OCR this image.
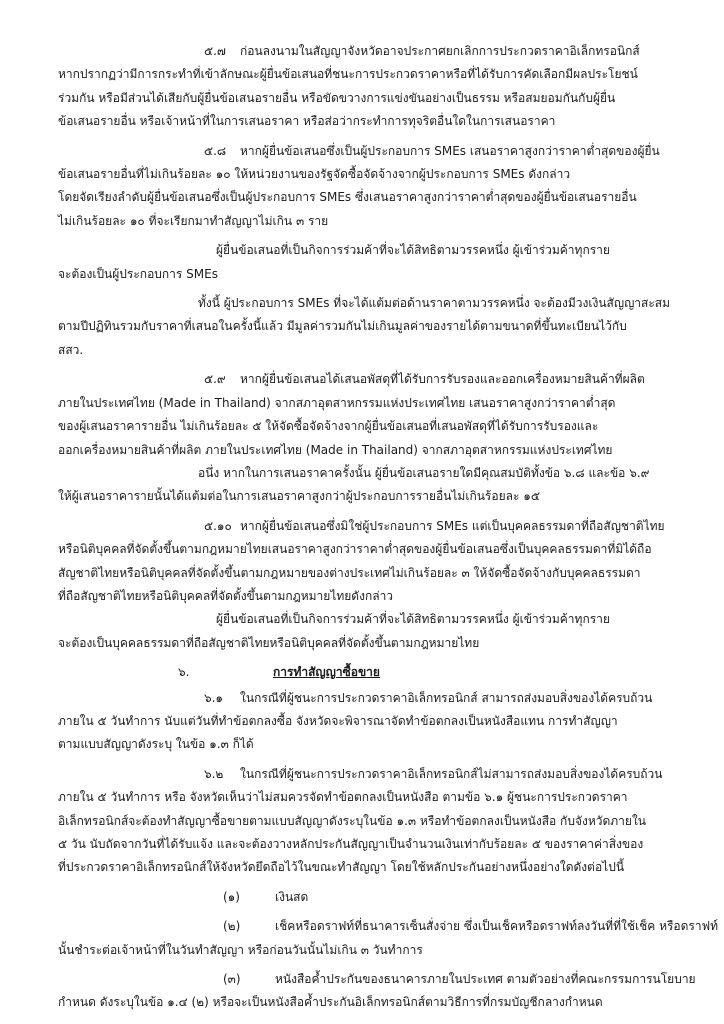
๕.๗ ก่อนลงนามในสัญญาจังหวัดอาจประกาศยกเลิกการประกวดราคาอิเล็กทรอนิกส์
หากปรากฏว่ามีการกระทำที่เข้าลักษณะผู้ยื่นข้อเสนอที่ชนะการประกวดราคาหรือที่ได้รับการคัดเลือกมีผลประโยชน์
ร่วมกัน หรือมีส่วนได้เสียกับผู้ยื่นข้อเสนอรายอื่น หรือขัดขวางการแข่งขันอย่างเป็นธรรม หรือสมยอมกันกับผู้ยื่น
ข้อเสนอรายอื่น หรือเจ้าหน้าที่ในการเสนอราคา หรือส่อว่ากระทำการทุจริตอื่นใดในการเสนอราคา
๕.๘ หากผู้ยื่นข้อเสนอซึ่งเป็นผู้ประกอบการ SMEs เสนอราคาสูงกว่าราคาต่ำสุดของผู้ยื่น
ข้อเสนอรายอื่นที่ไม่เกินร้อยละ ๑๐ ให้หน่วยงานของรัฐจัดซื้อจัดจ้างจากผู้ประกอบการ SMEs ดังกล่าว
โดยจัดเรียงลำดับผู้ยื่นข้อเสนอซึ่งเป็นผู้ประกอบการ SMEs ซึ่งเสนอราคาสูงกว่าราคาต่ำสุดของผู้ยื่นข้อเสนอรายอื่น
ไม่เกินร้อยละ ๑๐ ที่จะเรียกมาทำสัญญาไม่เกิน ๓ ราย
ผู้ยื่นข้อเสนอที่เป็นกิจการร่วมค้าที่จะได้สิทธิตามวรรคหนึ่ง ผู้เข้าร่วมค้าทุกราย
จะต้องเป็นผู้ประกอบการ SMEs
ทั้งนี้ ผู้ประกอบการ SMEs ที่จะได้แต้มต่อด้านราคาตามวรรคหนึ่ง จะต้องมีวงเงินสัญญาสะสม
ตามปีปฏิทินรวมกับราคาที่เสนอในครั้งนี้แล้ว มีมูลค่ารวมกันไม่เกินมูลค่าของรายได้ตามขนาดที่ขึ้นทะเบียนไว้กับ
สสว.
๕.๙ หากผู้ยื่นข้อเสนอได้เสนอพัสดุที่ได้รับการรับรองและออกเครื่องหมายสินค้าที่ผลิต
ภายในประเทศไทย (Made in Thailand) จากสภาอุตสาหกรรมแห่งประเทศไทย เสนอราคาสูงกว่าราคาต่ำสุด
ของผู้เสนอราคารายอื่น ไม่เกินร้อยละ ๕ ให้จัดซื้อจัดจ้างจากผู้ยื่นข้อเสนอที่เสนอพัสดุที่ได้รับการรับรองและ
ออกเครื่องหมายสินค้าที่ผลิต ภายในประเทศไทย (Made in Thailand) จากสภาอุตสาหกรรมแห่งประเทศไทย
อนึ่ง หากในการเสนอราคาครั้งนั้น ผู้ยื่นข้อเสนอรายใดมีคุณสมบัติทั้งข้อ ๖.๘ และข้อ ๖.๙
ให้ผู้เสนอราคารายนั้นได้แต้มต่อในการเสนอราคาสูงกว่าผู้ประกอบการรายอื่นไม่เกินร้อยละ ๑๕
๕.๑๐ หากผู้ยื่นข้อเสนอซึ่งมิใช่ผู้ประกอบการ SMEs แต่เป็นบุคคลธรรมดาที่ถือสัญชาติไทย
หรือนิติบุคคลที่จัดตั้งขึ้นตามกฎหมายไทยเสนอราคาสูงกว่าราคาต่ำสุดของผู้ยื่นข้อเสนอซึ่งเป็นบุคคลธรรมดาที่มิได้ถือ
สัญชาติไทยหรือนิติบุคคลที่จัดตั้งขึ้นตามกฎหมายของต่างประเทศไม่เกินร้อยละ ๓ ให้จัดซื้อจัดจ้างกับบุคคลธรรมดา
ที่ถือสัญชาติไทยหรือนิติบุคคลที่จัดตั้งขึ้นตามกฎหมายไทยดังกล่าว
ผู้ยื่นข้อเสนอที่เป็นกิจการร่วมค้าที่จะได้สิทธิตามวรรคหนึ่ง ผู้เข้าร่วมค้าทุกราย
จะต้องเป็นบุคคลธรรมดาที่ถือสัญชาติไทยหรือนิติบุคคลที่จัดตั้งขึ้นตามกฎหมายไทย
๖.	การทำสัญญาซื้อขาย
๖.๑ ในกรณีที่ผู้ชนะการประกวดราคาอิเล็กทรอนิกส์ สามารถส่งมอบสิ่งของได้ครบถ้วน
ภายใน ๕ วันทำการ นับแต่วันที่ทำข้อตกลงซื้อ จังหวัดจะพิจารณาจัดทำข้อตกลงเป็นหนังสือแทน การทำสัญญา
ตามแบบสัญญาดังระบุ ในข้อ ๑.๓ ก็ได้
๖.๒ ในกรณีที่ผู้ชนะการประกวดราคาอิเล็กทรอนิกส์ไม่สามารถส่งมอบสิ่งของได้ครบถ้วน
ภายใน ๕ วันทำการ หรือ จังหวัดเห็นว่าไม่สมควรจัดทำข้อตกลงเป็นหนังสือ ตามข้อ ๖.๑ ผู้ชนะการประกวดราคา
อิเล็กทรอนิกส์จะต้องทำสัญญาซื้อขายตามแบบสัญญาดังระบุในข้อ ๑.๓ หรือทำข้อตกลงเป็นหนังสือ กับจังหวัดภายใน
๕ วัน นับถัดจากวันที่ได้รับแจ้ง และจะต้องวางหลักประกันสัญญาเป็นจำนวนเงินเท่ากับร้อยละ ๕ ของราคาค่าสิ่งของ
ที่ประกวดราคาอิเล็กทรอนิกส์ให้จังหวัดยึดถือไว้ในขณะทำสัญญา โดยใช้หลักประกันอย่างหนึ่งอย่างใดดังต่อไปนี้
(๑)	เงินสด
(๒)	เช็คหรือดราฟท์ที่ธนาคารเซ็นสั่งจ่าย ซึ่งเป็นเช็คหรือดราฟท์ลงวันที่ที่ใช้เช็ค หรือดราฟท์
นั้นชำระต่อเจ้าหน้าที่ในวันทำสัญญา หรือก่อนวันนั้นไม่เกิน ๓ วันทำการ
(๓)	หนังสือค้ำประกันของธนาคารภายในประเทศ ตามตัวอย่างที่คณะกรรมการนโยบาย
กำหนด ดังระบุในข้อ ๑.๔ (๒) หรือจะเป็นหนังสือค้ำประกันอิเล็กทรอนิกส์ตามวิธีการที่กรมบัญชีกลางกำหนด
